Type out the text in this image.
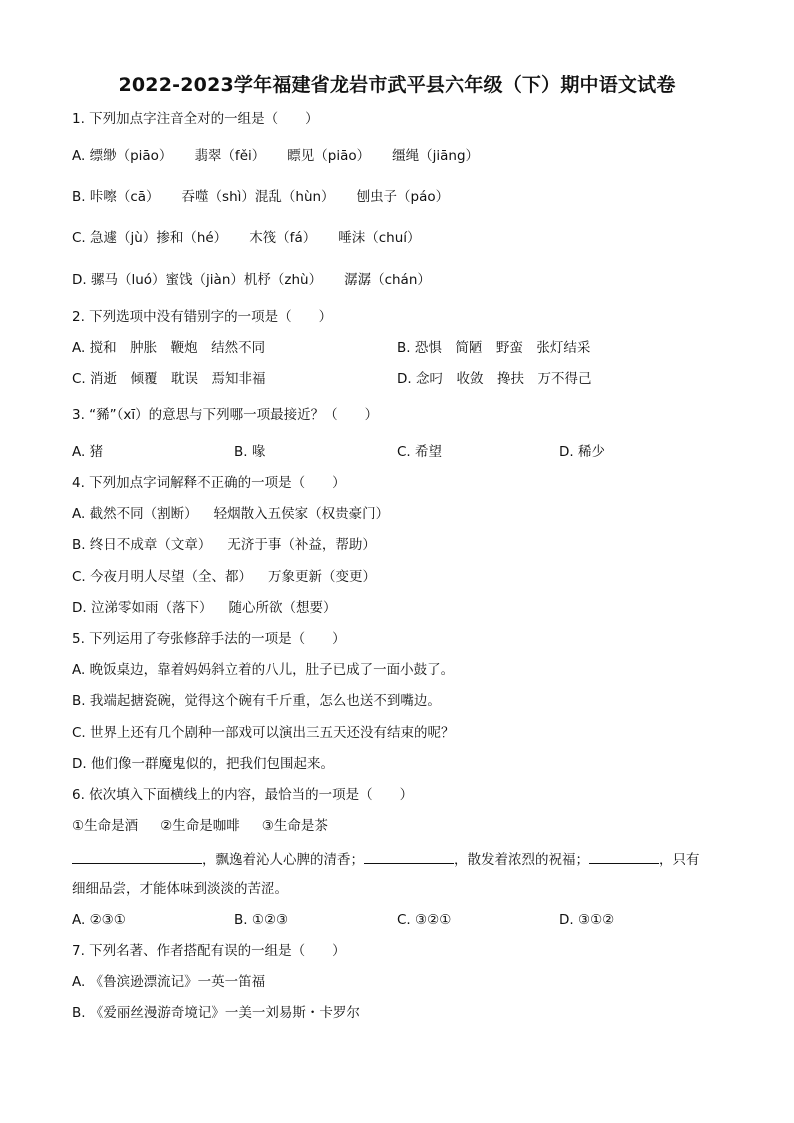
2022-2023学年福建省龙岩市武平县六年级（下）期中语文试卷
1. 下列加点字注音全对的一组是（　　）
A. 缥缈（piāo） 翡翠（fěi） 瞟见（piāo） 缰绳（jiāng）
B. 咔嚓（cā） 吞噬（shì）混乱（hùn） 刨虫子（páo）
C. 急遽（jù）掺和（hé） 木筏（fá） 唾沫（chuí）
D. 骡马（luó）蜜饯（jiàn）机杼（zhù） 潺潺（chán）
2. 下列选项中没有错别字的一项是（　　）
A. 搅和　肿胀　鞭炮　结然不同	B. 恐惧　简陋　野蛮　张灯结采
C. 消逝　倾覆　耽误　焉知非福	D. 念叼　收敛　搀扶　万不得己
3. “豨”（xī）的意思与下列哪一项最接近？（　　）
A. 猪	B. 喙	C. 希望	D. 稀少
4. 下列加点字词解释不正确的一项是（　　）
A. 截然不同（割断） 轻烟散入五侯家（权贵豪门）
B. 终日不成章（文章） 无济于事（补益，帮助）
C. 今夜月明人尽望（全、都） 万象更新（变更）
D. 泣涕零如雨（落下） 随心所欲（想要）
5. 下列运用了夸张修辞手法的一项是（　　）
A. 晚饭桌边，靠着妈妈斜立着的八儿，肚子已成了一面小鼓了。
B. 我端起搪瓷碗，觉得这个碗有千斤重，怎么也送不到嘴边。
C. 世界上还有几个剧种一部戏可以演出三五天还没有结束的呢？
D. 他们像一群魔鬼似的，把我们包围起来。
6. 依次填入下面横线上的内容，最恰当的一项是（　　）
①生命是酒 ②生命是咖啡 ③生命是茶
，飘逸着沁人心脾的清香；	，散发着浓烈的祝福；	，只有
细细品尝，才能体味到淡淡的苦涩。
A. ②③①	B. ①②③	C. ③②①	D. ③①②
7. 下列名著、作者搭配有误的一组是（　　）
A. 《鲁滨逊漂流记》一英一笛福
B. 《爱丽丝漫游奇境记》一美一刘易斯・卡罗尔
